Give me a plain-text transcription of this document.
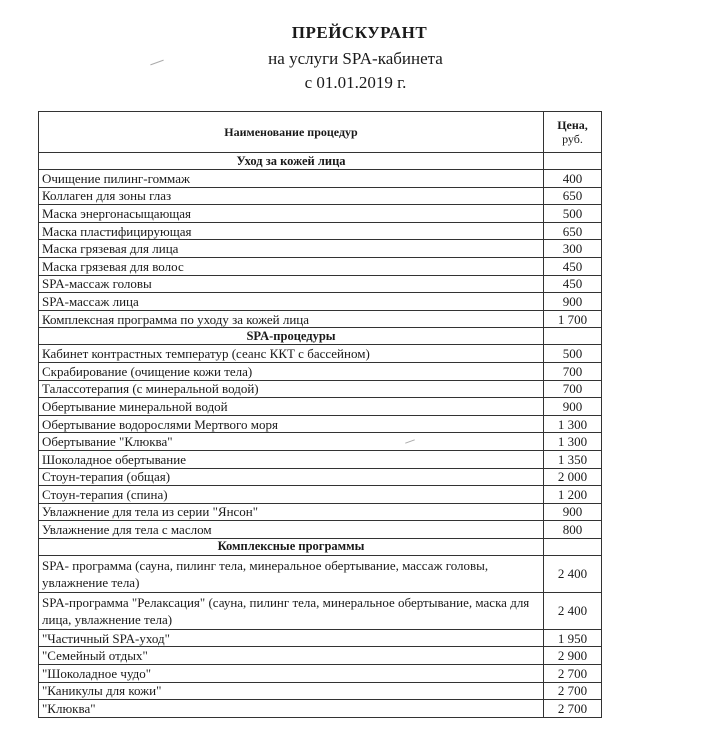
ПРЕЙСКУРАНТ
на услуги SPA-кабинета
с 01.01.2019 г.
Наименование процедур	Цена,
руб.
Уход за кожей лица	
Очищение пилинг-гоммаж	400
Коллаген для зоны глаз	650
Маска энергонасыщающая	500
Маска пластифицирующая	650
Маска грязевая для лица	300
Маска грязевая для волос	450
SPA-массаж головы	450
SPA-массаж лица	900
Комплексная программа по уходу за кожей лица	1 700
SPA-процедуры	
Кабинет контрастных температур (сеанс ККТ с бассейном)	500
Скрабирование (очищение кожи тела)	700
Талассотерапия (с минеральной водой)	700
Обертывание минеральной водой	900
Обертывание водорослями Мертвого моря	1 300
Обертывание "Клюква"	1 300
Шоколадное обертывание	1 350
Стоун-терапия (общая)	2 000
Стоун-терапия (спина)	1 200
Увлажнение для тела из серии "Янсон"	900
Увлажнение для тела с маслом	800
Комплексные программы	
SPA- программа (сауна, пилинг тела, минеральное обертывание, массаж головы, увлажнение тела)	2 400
SPA-программа "Релаксация" (сауна, пилинг тела, минеральное обертывание, маска для лица, увлажнение тела)	2 400
"Частичный SPA-уход"	1 950
"Семейный отдых"	2 900
"Шоколадное чудо"	2 700
"Каникулы для кожи"	2 700
"Клюква"	2 700
